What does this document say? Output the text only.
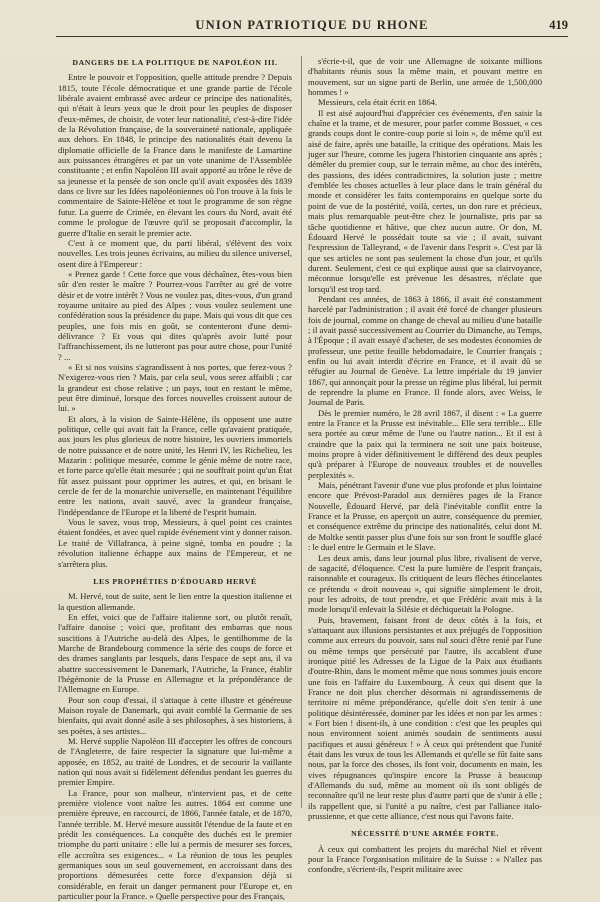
UNION PATRIOTIQUE DU RHONE	419
DANGERS DE LA POLITIQUE DE NAPOLÉON III.

Entre le pouvoir et l'opposition, quelle attitude prendre ? Depuis 1815, toute l'école démocratique et une grande partie de l'école libérale avaient embrassé avec ardeur ce principe des nationalités, qui n'était à leurs yeux que le droit pour les peuples de disposer d'eux-mêmes, de choisir, de voter leur nationalité, c'est-à-dire l'idée de la Révolution française, de la souveraineté nationale, appliquée aux dehors. En 1848, le principe des nationalités était devenu la diplomatie officielle de la France dans le manifeste de Lamartine aux puissances étrangères et par un vote unanime de l'Assemblée constituante ; et enfin Napoléon III avait apporté au trône le rêve de sa jeunesse et la pensée de son oncle qu'il avait exposées dès 1839 dans ce livre sur les Idées napoléoniennes où l'on trouve à la fois le commentaire de Sainte-Hélène et tout le programme de son règne futur. La guerre de Crimée, en élevant les cours du Nord, avait été comme le prologue de l'œuvre qu'il se proposait d'accomplir, la guerre d'Italie en serait le premier acte.

C'est à ce moment que, du parti libéral, s'élèvent des voix nouvelles. Les trois jeunes écrivains, au milieu du silence universel, osent dire à l'Empereur :

« Prenez garde ! Cette force que vous déchaînez, êtes-vous bien sûr d'en rester le maître ? Pourrez-vous l'arrêter au gré de votre désir et de votre intérêt ? Vous ne voulez pas, dites-vous, d'un grand royaume unitaire au pied des Alpes ; vous voulez seulement une confédération sous la présidence du pape. Mais qui vous dit que ces peuples, une fois mis en goût, se contenteront d'une demi-délivrance ? Et vous qui dites qu'après avoir lutté pour l'affranchissement, ils ne lutteront pas pour autre chose, pour l'unité ? ...

« Et si nos voisins s'agrandissent à nos portes, que ferez-vous ? N'exigerez-vous rien ? Mais, par cela seul, vous serez affaibli ; car la grandeur est chose relative ; un pays, tout en restant le même, peut être diminué, lorsque des forces nouvelles croissent autour de lui. »

Et alors, à la vision de Sainte-Hélène, ils opposent une autre politique, celle qui avait fait la France, celle qu'avaient pratiquée, aux jours les plus glorieux de notre histoire, les ouvriers immortels de notre puissance et de notre unité, les Henri IV, les Richelieu, les Mazarin : politique mesurée, comme le génie même de notre race, et forte parce qu'elle était mesurée ; qui ne souffrait point qu'un État fût assez puissant pour opprimer les autres, et qui, en brisant le cercle de fer de la monarchie universelle, en maintenant l'équilibre entre les nations, avait sauvé, avec la grandeur française, l'indépendance de l'Europe et la liberté de l'esprit humain.

Vous le savez, vous trop, Messieurs, à quel point ces craintes étaient fondées, et avec quel rapide événement vint y donner raison. Le traité de Villafranca, à peine signé, tomba en poudre ; la révolution italienne échappe aux mains de l'Empereur, et ne s'arrêtera plus.

LES PROPHÉTIES D'ÉDOUARD HERVÉ

M. Hervé, tout de suite, sent le lien entre la question italienne et la question allemande.

En effet, voici que de l'affaire italienne sort, ou plutôt renaît, l'affaire danoise ; voici que, profitant des embarras que nous suscitions à l'Autriche au-delà des Alpes, le gentilhomme de la Marche de Brandebourg commence la série des coups de force et des drames sanglants par lesquels, dans l'espace de sept ans, il va abattre successivement le Danemark, l'Autriche, la France, établir l'hégémonie de la Prusse en Allemagne et la prépondérance de l'Allemagne en Europe.

Pour son coup d'essai, il s'attaque à cette illustre et généreuse Maison royale de Danemark, qui avait comblé la Germanie de ses bienfaits, qui avait donné asile à ses philosophes, à ses historiens, à ses poètes, à ses artistes...

M. Hervé supplie Napoléon III d'accepter les offres de concours de l'Angleterre, de faire respecter la signature que lui-même a apposée, en 1852, au traité de Londres, et de secourir la vaillante nation qui nous avait si fidèlement défendus pendant les guerres du premier Empire.

La France, pour son malheur, n'intervient pas, et de cette première violence vont naître les autres. 1864 est comme une première épreuve, en raccourci, de 1866, l'année fatale, et de 1870, l'année terrible. M. Hervé mesure aussitôt l'étendue de la faute et en prédit les conséquences. La conquête des duchés est le premier triomphe du parti unitaire : elle lui a permis de mesurer ses forces, elle accroîtra ses exigences... « La réunion de tous les peuples germaniques sous un seul gouvernement, en accroissant dans des proportions démesurées cette force d'expansion déjà si considérable, en ferait un danger permanent pour l'Europe et, en particulier pour la France. » Quelle perspective pour des Français,

s'écrie-t-il, que de voir une Allemagne de soixante millions d'habitants réunis sous la même main, et pouvant mettre en mouvement, sur un signe parti de Berlin, une armée de 1,500,000 hommes ! »

Messieurs, cela était écrit en 1864.

Il est aisé aujourd'hui d'apprécier ces événements, d'en saisir la chaîne et la trame, et de mesurer, pour parler comme Bossuet, « ces grands coups dont le contre-coup porte si loin », de même qu'il est aisé de faire, après une bataille, la critique des opérations. Mais les juger sur l'heure, comme les jugera l'historien cinquante ans après ; démêler du premier coup, sur le terrain même, au choc des intérêts, des passions, des idées contradictoires, la solution juste ; mettre d'emblée les choses actuelles à leur place dans le train général du monde et considérer les faits contemporains en quelque sorte du point de vue de la postérité, voilà, certes, un don rare et précieux, mais plus remarquable peut-être chez le journaliste, pris par sa tâche quotidienne et hâtive, que chez aucun autre. Or don, M. Édouard Hervé le possédait toute sa vie ; il avait, suivant l'expression de Talleyrand, « de l'avenir dans l'esprit ». C'est par là que ses articles ne sont pas seulement la chose d'un jour, et qu'ils durent. Seulement, c'est ce qui explique aussi que sa clairvoyance, méconnue lorsqu'elle est prévenue les désastres, n'éclate que lorsqu'il est trop tard.

Pendant ces années, de 1863 à 1866, il avait été constamment harcelé par l'administration ; il avait été forcé de changer plusieurs fois de journal, comme on change de cheval au milieu d'une bataille ; il avait passé successivement au Courrier du Dimanche, au Temps, à l'Époque ; il avait essayé d'acheter, de ses modestes économies de professeur, une petite feuille hebdomadaire, le Courrier français ; enfin ou lui avait interdit d'écrire en France, et il avait dû se réfugier au Journal de Genève. La lettre impériale du 19 janvier 1867, qui annonçait pour la presse un régime plus libéral, lui permit de reprendre la plume en France. Il fonde alors, avec Weiss, le Journal de Paris.

Dès le premier numéro, le 28 avril 1867, il disent : « La guerre entre la France et la Prusse est inévitable... Elle sera terrible... Elle sera portée au cœur même de l'une ou l'autre nation... Et il est à craindre que la paix qui la terminera ne soit une paix boiteuse, moins propre à vider définitivement le différend des deux peuples qu'à préparer à l'Europe de nouveaux troubles et de nouvelles perplexités ».

Mais, pénétrant l'avenir d'une vue plus profonde et plus lointaine encore que Prévost-Paradol aux dernières pages de la France Nouvelle, Édouard Hervé, par delà l'inévitable conflit entre la France et la Prusse, en aperçoit un autre, conséquence du premier, et conséquence extrême du principe des nationalités, celui dont M. de Moltke sentit passer plus d'une fois sur son front le souffle glacé : le duel entre le Germain et le Slave.

Les deux amis, dans leur journal plus libre, rivalisent de verve, de sagacité, d'éloquence. C'est la pure lumière de l'esprit français, raisonnable et courageux. Ils critiquent de leurs flèches étincelantes ce prétendu « droit nouveau », qui signifie simplement le droit, pour les adroits, de tout prendre, et que Frédéric avait mis à la mode lorsqu'il enlevait la Silésie et déchiquetait la Pologne.

Puis, bravement, faisant front de deux côtés à la fois, et s'attaquant aux illusions persistantes et aux préjugés de l'opposition comme aux erreurs du pouvoir, sans nul souci d'être renié par l'une ou même temps que persécuté par l'autre, ils accablent d'une ironique pitié les Adresses de la Ligue de la Paix aux étudiants d'outre-Rhin, dans le moment même que nous sommes jouis encore une fois en l'affaire du Luxembourg. À ceux qui disent que la France ne doit plus chercher désormais ni agrandissements de territoire ni même prépondérance, qu'elle doit s'en tenir à une politique désintéressée, dominer par les idées et non par les armes : « Fort bien ! disent-ils, à une condition : c'est que les peuples qui nous environnent soient animés soudain de sentiments aussi pacifiques et aussi généreux ! » À ceux qui prétendent que l'unité était dans les vœux de tous les Allemands et qu'elle se fût faite sans nous, par la force des choses, ils font voir, documents en main, les vives répugnances qu'inspire encore la Prusse à beaucoup d'Allemands du sud, même au moment où ils sont obligés de reconnaître qu'il ne leur reste plus d'autre parti que de s'unir à elle ; ils rappellent que, si l'unité a pu naître, c'est par l'alliance italo-prussienne, et que cette alliance, c'est nous qui l'avons faite.

NÉCESSITÉ D'UNE ARMÉE FORTE.

À ceux qui combattent les projets du maréchal Niel et rêvent pour la France l'organisation militaire de la Suisse : « N'allez pas confondre, s'écrient-ils, l'esprit militaire avec
